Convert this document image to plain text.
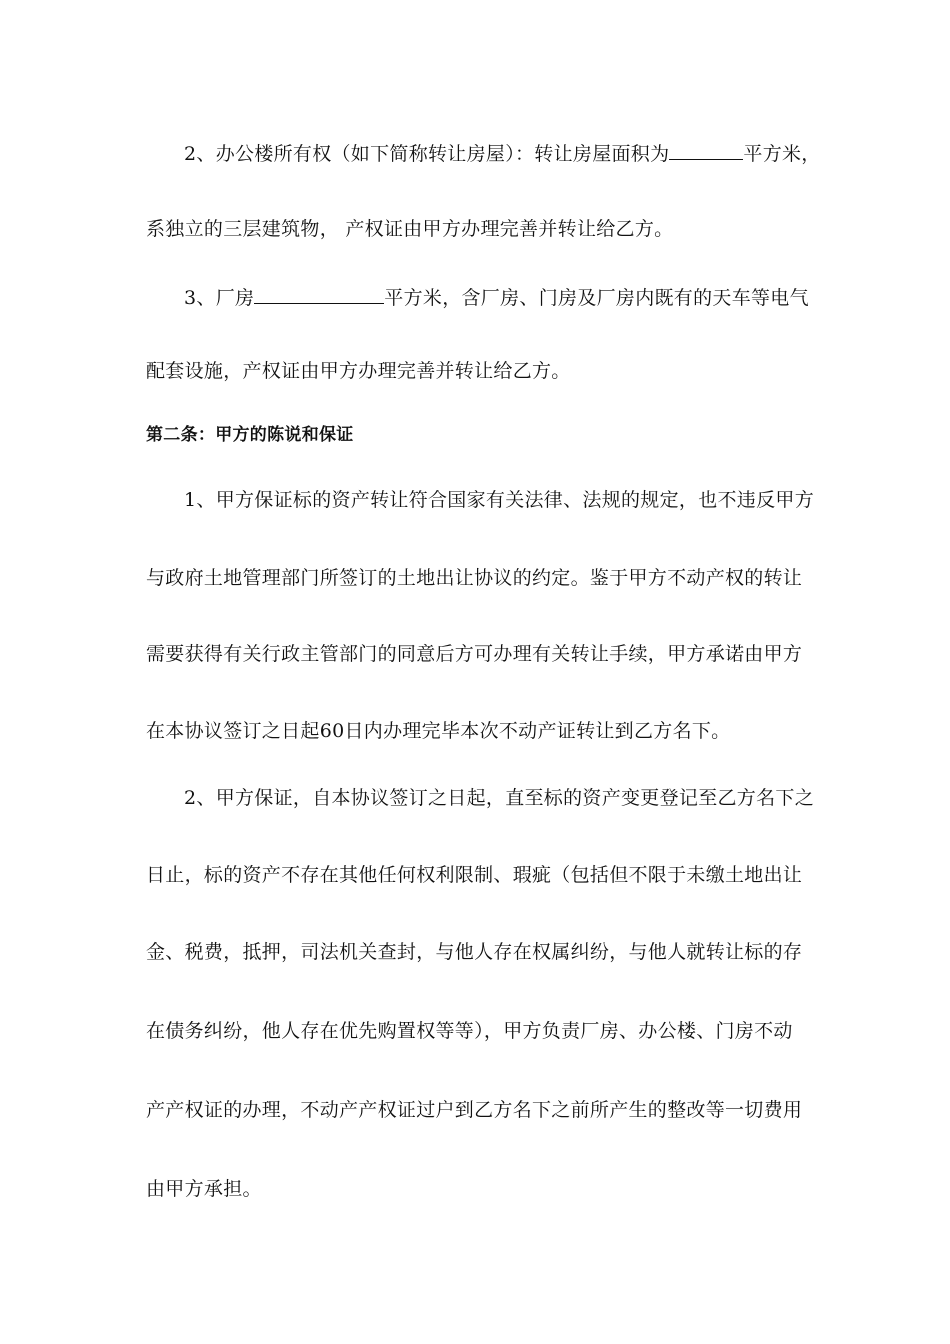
2、办公楼所有权（如下简称转让房屋）：转让房屋面积为	平方米，
系独立的三层建筑物， 产权证由甲方办理完善并转让给乙方。
3、厂房	平方米，含厂房、门房及厂房内既有的天车等电气
配套设施，产权证由甲方办理完善并转让给乙方。
第二条：甲方的陈说和保证
1、甲方保证标的资产转让符合国家有关法律、法规的规定，也不违反甲方
与政府土地管理部门所签订的土地出让协议的约定。鉴于甲方不动产权的转让
需要获得有关行政主管部门的同意后方可办理有关转让手续，甲方承诺由甲方
在本协议签订之日起60日内办理完毕本次不动产证转让到乙方名下。
2、甲方保证，自本协议签订之日起，直至标的资产变更登记至乙方名下之
日止，标的资产不存在其他任何权利限制、瑕疵（包括但不限于未缴土地出让
金、税费，抵押，司法机关查封，与他人存在权属纠纷，与他人就转让标的存
在债务纠纷，他人存在优先购置权等等），甲方负责厂房、办公楼、门房不动
产产权证的办理，不动产产权证过户到乙方名下之前所产生的整改等一切费用
由甲方承担。
